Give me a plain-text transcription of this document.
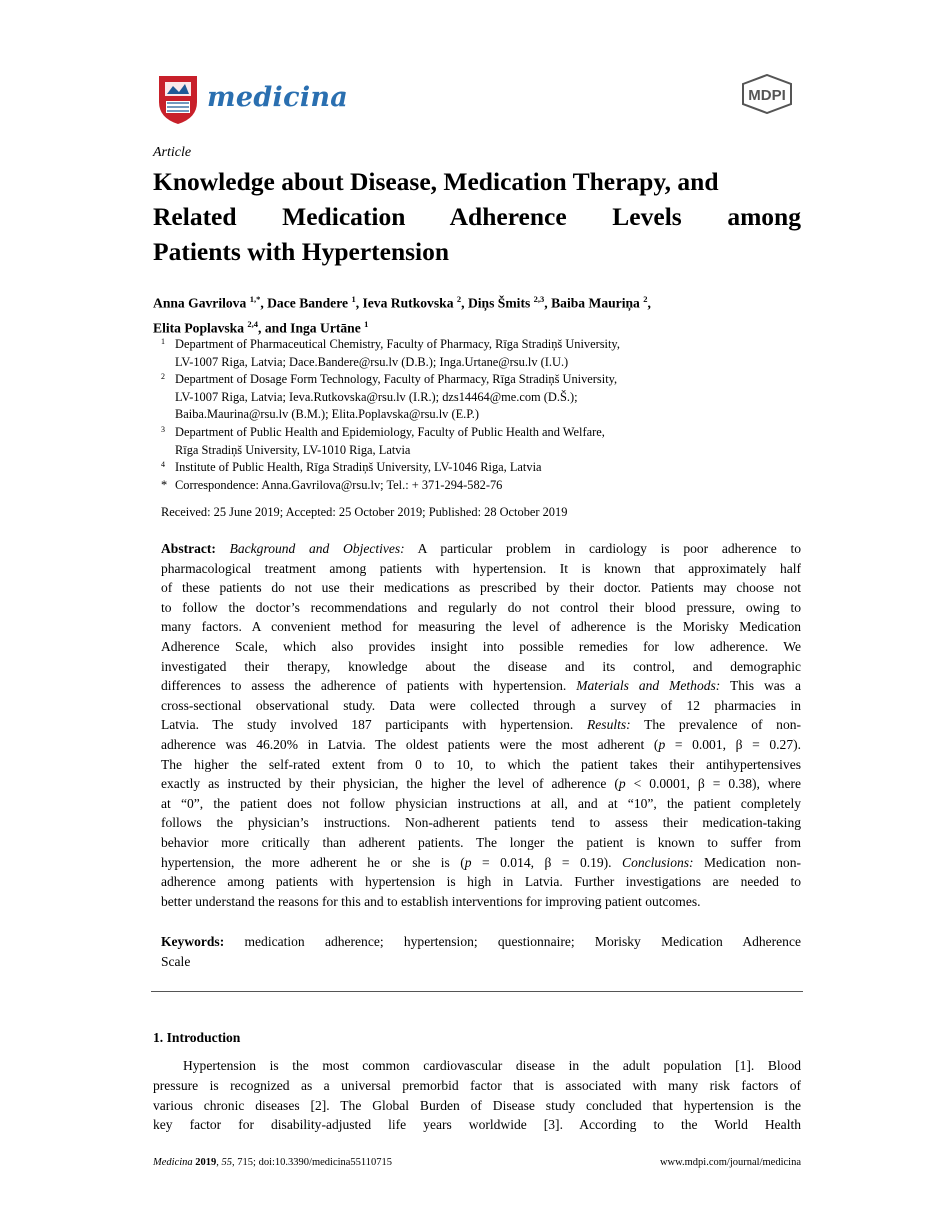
medicina	MDPI
Article
Knowledge about Disease, Medication Therapy, and
Related Medication Adherence Levels among
Patients with Hypertension
Anna Gavrilova $^{1,*}$, Dace Bandere $^1$, Ieva Rutkovska $^2$, Diņs Šmits $^{2,3}$, Baiba Mauriņa $^2$,
Elita Poplavska $^{2,4}$, and Inga Urtāne $^1$
1 Department of Pharmaceutical Chemistry, Faculty of Pharmacy, Rīga Stradiņš University,
LV-1007 Riga, Latvia; Dace.Bandere@rsu.lv (D.B.); Inga.Urtane@rsu.lv (I.U.)
2 Department of Dosage Form Technology, Faculty of Pharmacy, Rīga Stradiņš University,
LV-1007 Riga, Latvia; Ieva.Rutkovska@rsu.lv (I.R.); dzs14464@me.com (D.Š.);
Baiba.Maurina@rsu.lv (B.M.); Elita.Poplavska@rsu.lv (E.P.)
3 Department of Public Health and Epidemiology, Faculty of Public Health and Welfare,
Rīga Stradiņš University, LV-1010 Riga, Latvia
4 Institute of Public Health, Rīga Stradiņš University, LV-1046 Riga, Latvia
* Correspondence: Anna.Gavrilova@rsu.lv; Tel.: + 371-294-582-76
Received: 25 June 2019; Accepted: 25 October 2019; Published: 28 October 2019
Abstract: Background and Objectives: A particular problem in cardiology is poor adherence to
pharmacological treatment among patients with hypertension. It is known that approximately half
of these patients do not use their medications as prescribed by their doctor. Patients may choose not
to follow the doctor’s recommendations and regularly do not control their blood pressure, owing to
many factors. A convenient method for measuring the level of adherence is the Morisky Medication
Adherence Scale, which also provides insight into possible remedies for low adherence. We
investigated their therapy, knowledge about the disease and its control, and demographic
differences to assess the adherence of patients with hypertension. Materials and Methods: This was a
cross-sectional observational study. Data were collected through a survey of 12 pharmacies in
Latvia. The study involved 187 participants with hypertension. Results: The prevalence of non-
adherence was 46.20% in Latvia. The oldest patients were the most adherent (p = 0.001, β = 0.27).
The higher the self-rated extent from 0 to 10, to which the patient takes their antihypertensives
exactly as instructed by their physician, the higher the level of adherence (p < 0.0001, β = 0.38), where
at “0”, the patient does not follow physician instructions at all, and at “10”, the patient completely
follows the physician’s instructions. Non-adherent patients tend to assess their medication-taking
behavior more critically than adherent patients. The longer the patient is known to suffer from
hypertension, the more adherent he or she is (p = 0.014, β = 0.19). Conclusions: Medication non-
adherence among patients with hypertension is high in Latvia. Further investigations are needed to
better understand the reasons for this and to establish interventions for improving patient outcomes.
Keywords: medication adherence; hypertension; questionnaire; Morisky Medication Adherence
Scale
1. Introduction
Hypertension is the most common cardiovascular disease in the adult population [1]. Blood
pressure is recognized as a universal premorbid factor that is associated with many risk factors of
various chronic diseases [2]. The Global Burden of Disease study concluded that hypertension is the
key factor for disability-adjusted life years worldwide [3]. According to the World Health
Medicina 2019, 55, 715; doi:10.3390/medicina55110715	www.mdpi.com/journal/medicina
